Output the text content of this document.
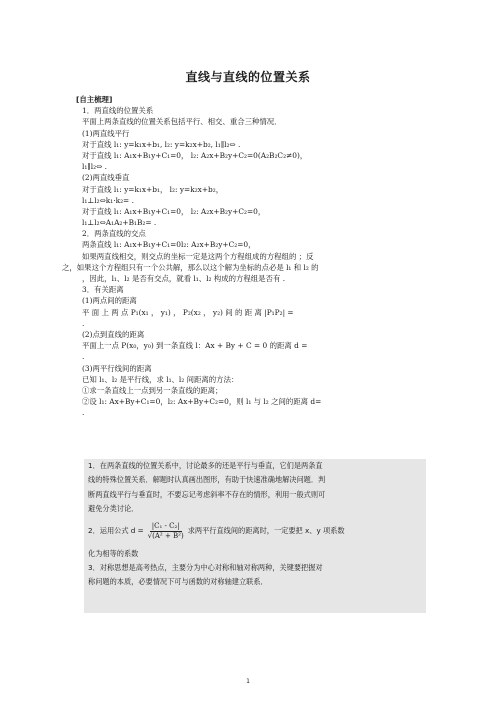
直线与直线的位置关系
[自主梳理]
1．两直线的位置关系
平面上两条直线的位置关系包括平行、相交、重合三种情况．
(1)两直线平行
对于直线 l₁: y=k₁x+b₁, l₂: y=k₂x+b₂, l₁∥l₂⇔ .
对于直线 l₁: A₁x+B₁y+C₁=0， l₂: A₂x+B₂y+C₂=0(A₂B₂C₂≠0)，
l₁∥l₂⇔ .
(2)两直线垂直
对于直线 l₁: y=k₁x+b₁， l₂: y=k₂x+b₂，
l₁⊥l₂⇔k₁·k₂= .
对于直线 l₁: A₁x+B₁y+C₁=0， l₂: A₂x+B₂y+C₂=0，
l₁⊥l₂⇔A₁A₂+B₁B₂= .
2．两条直线的交点
两条直线 l₁: A₁x+B₁y+C₁=0l₂: A₂x+B₂y+C₂=0，
如果两直线相交，则交点的坐标一定是这两个方程组成的方程组的 ；反
之，如果这个方程组只有一个公共解，那么以这个解为坐标的点必是 l₁ 和 l₂ 的
，因此，l₁、l₂ 是否有交点，就看 l₁、l₂ 构成的方程组是否有 .
3．有关距离
(1)两点间的距离
平 面 上 两 点 P₁(x₁ ， y₁) ， P₂(x₂ ， y₂) 间 的 距 离 |P₁P₂| =
.
(2)点到直线的距离
平面上一点 P(x₀，y₀) 到一条直线 l：Ax + By + C = 0 的距离 d =
.
(3)两平行线间的距离
已知 l₁、l₂ 是平行线，求 l₁、l₂ 间距离的方法：
①求一条直线上一点到另一条直线的距离；
②设 l₁: Ax+By+C₁=0，l₂: Ax+By+C₂=0，则 l₁ 与 l₂ 之间的距离 d=
.
1．在两条直线的位置关系中，讨论最多的还是平行与垂直，它们是两条直
线的特殊位置关系．解题时认真画出图形，有助于快速准确地解决问题．判
断两直线平行与垂直时，不要忘记考虑斜率不存在的情形，利用一般式则可
避免分类讨论．
2．运用公式 $d = \frac{\text{|C₁ - C₂|}}{\text{√(A² + B²)}}$ 求两平行直线间的距离时，一定要把 x、y 项系数
化为相等的系数
3．对称思想是高考热点，主要分为中心对称和轴对称两种，关键要把握对
称问题的本质，必要情况下可与函数的对称轴建立联系．
1
